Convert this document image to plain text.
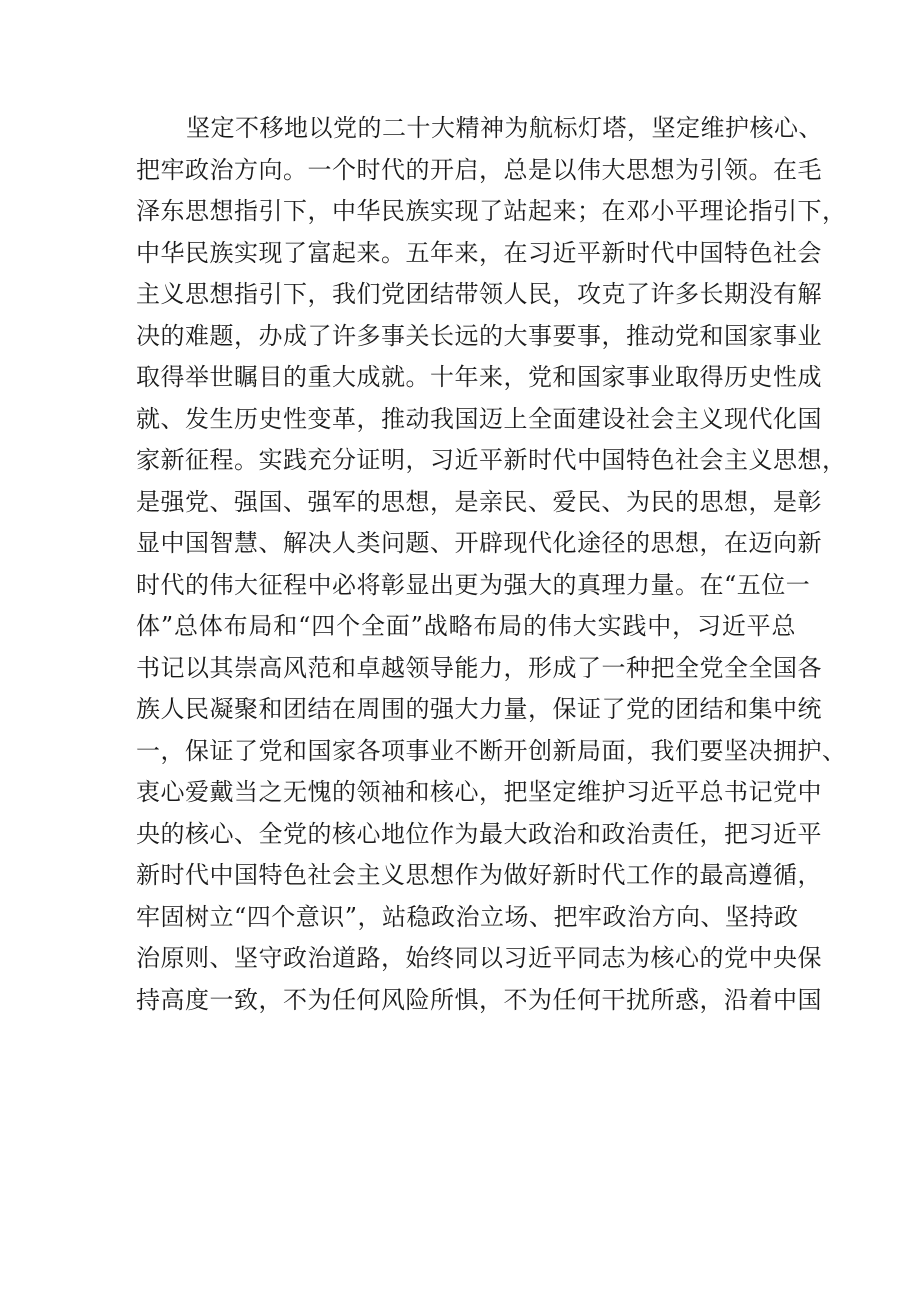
坚定不移地以党的二十大精神为航标灯塔，坚定维护核心、
把牢政治方向。一个时代的开启，总是以伟大思想为引领。在毛
泽东思想指引下，中华民族实现了站起来；在邓小平理论指引下，
中华民族实现了富起来。五年来，在习近平新时代中国特色社会
主义思想指引下，我们党团结带领人民，攻克了许多长期没有解
决的难题，办成了许多事关长远的大事要事，推动党和国家事业
取得举世瞩目的重大成就。十年来，党和国家事业取得历史性成
就、发生历史性变革，推动我国迈上全面建设社会主义现代化国
家新征程。实践充分证明，习近平新时代中国特色社会主义思想，
是强党、强国、强军的思想，是亲民、爱民、为民的思想，是彰
显中国智慧、解决人类问题、开辟现代化途径的思想，在迈向新
时代的伟大征程中必将彰显出更为强大的真理力量。在“五位一
体”总体布局和“四个全面”战略布局的伟大实践中，习近平总
书记以其崇高风范和卓越领导能力，形成了一种把全党全全国各
族人民凝聚和团结在周围的强大力量，保证了党的团结和集中统
一，保证了党和国家各项事业不断开创新局面，我们要坚决拥护、
衷心爱戴当之无愧的领袖和核心，把坚定维护习近平总书记党中
央的核心、全党的核心地位作为最大政治和政治责任，把习近平
新时代中国特色社会主义思想作为做好新时代工作的最高遵循，
牢固树立“四个意识”，站稳政治立场、把牢政治方向、坚持政
治原则、坚守政治道路，始终同以习近平同志为核心的党中央保
持高度一致，不为任何风险所惧，不为任何干扰所惑，沿着中国
